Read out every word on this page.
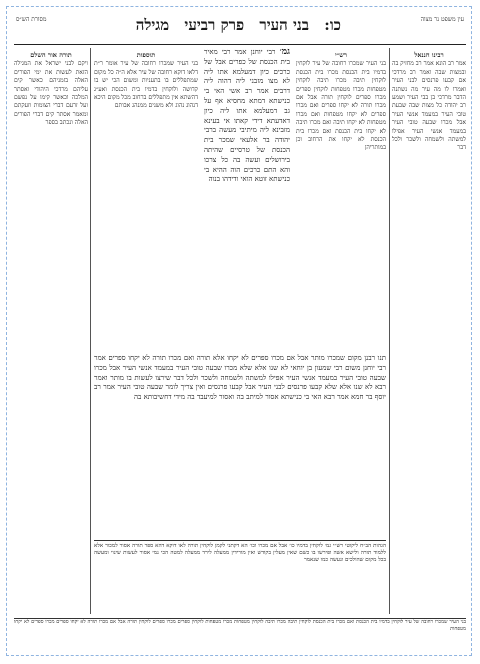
עין משפט נר מצוה
כו: בני העיר פרק רביעי מגילה
מסורת הש״ס
רבינו חננאל
אמר רב הונא אמר רב מחזיק בה ובמצות שבה ואמר רב מרדכי אם קבעו פרנסים לבני העיר ואמרו לו מה עיר מה נשתנה הדבר מרדכי בן בבי העיר ושמע רב יהודה כל מצות שבה שבעת טובי העיר במעמד אנשי העיר אבל מכרו שבעה טובי העיר במעמד אנשי העיר אפילו למשתה ולשמחה ולשכר ולכל דבר
רש״י
בני העיר שמכרו רחובה של עיר לוקחין בדמיו בית הכנסת מכרו בית הכנסת לוקחין תיבה מכרו תיבה לוקחין מטפחות מכרו מטפחות לוקחין ספרים מכרו ספרים לוקחין תורה אבל אם מכרו תורה לא יקחו ספרים ואם מכרו ספרים לא יקחו מטפחות ואם מכרו מטפחות לא יקחו תיבה ואם מכרו תיבה לא יקחו בית הכנסת ואם מכרו בית הכנסת לא יקחו את הרחוב וכן במותריהן
גמ׳ רבי יוחנן אמר רבי מאיר בית הכנסת של כפרים אבל של כרכים כיון דמעלמא אתו ליה לא מצו מזבני ליה דהוה ליה דרבים אמר רב אשי האי בי כנישתא דמתא מחסיא אף על גב דמעלמא אתו ליה כיון דאדעתא דידי קאתו אי בעינא מזבינא ליה מיתיבי מעשה ברבי יהודה בר אלעאי שמכר בית הכנסת של טרסיים שהיתה בירושלים ועשה בה כל צרכו והא התם כרכים הוה ההיא בי כנישתא זוטא הואי ודידהו בנוה
תוספות
בני העיר שמכרו רחובה של עיר אומר ר״ת דלאו דוקא רחובה של עיר אלא ה״ה כל מקום שמתפללים בו בתעניות ומשום הכי יש בו קדושה ולוקחין בדמיו בית הכנסת ואע״ג דהשתא אין מתפללים ברחוב מכל מקום היכא דנהוג נהוג ולא משנים ממנהג אבותם
תורה אור השלם
ויקם לבני ישראל את המגילה הזאת לעשות את ימי הפורים האלה בזמניהם כאשר קים עליהם מרדכי היהודי ואסתר המלכה וכאשר קימו על נפשם ועל זרעם דברי הצומות וזעקתם ומאמר אסתר קים דברי הפורים האלה ונכתב בספר
תנו רבנן מקום שמכרו מותר אבל אם מכרו ספרים לא יקחו אלא תורה ואם מכרו תורה לא יקחו ספרים אמר רבי יוחנן משום רבי שמעון בן יוחאי לא שנו אלא שלא מכרו שבעה טובי העיר במעמד אנשי העיר אבל מכרו שבעה טובי העיר במעמד אנשי העיר אפילו למשתה ולשמחה ולשכר ולכל דבר שירצו לעשות בו מותר ואמר רבא לא שנו אלא שלא קבעו פרנסים לבני העיר אבל קבעו פרנסים ואין צריך לומר שבעה טובי העיר אמר רב יוסף בר חמא אמר רבא האי בי כנישתא אסור למיתב בה ואסור למיעבד בה מידי דחשיבותא בה
הגהות הב״ח ליקוטי רש״י גמ׳ לוקחין בדמיו כו׳ אבל אם מכרו וכו׳ הא דקתני לקמן לוקחין תורה לאו דוקא דהא ספר תורה אסור למכור אלא ללמוד תורה ולישא אשה ופירשו בו כשם שאין מעלין בקודש ואין מורידין ממעלה לירד ממעלה למטה הכי נמי אסור לעשות שינוי ומעשה בכל מקום שהולכים ונעשה כמו שנאמר
בני העיר שמכרו רחובה של עיר לוקחין בדמיו בית הכנסת ואם מכרו בית הכנסת לוקחין תיבה מכרו תיבה לוקחין מטפחות מכרו מטפחות לוקחין ספרים מכרו ספרים לוקחין תורה אבל אם מכרו תורה לא יקחו ספרים מכרו ספרים לא יקחו מטפחות
